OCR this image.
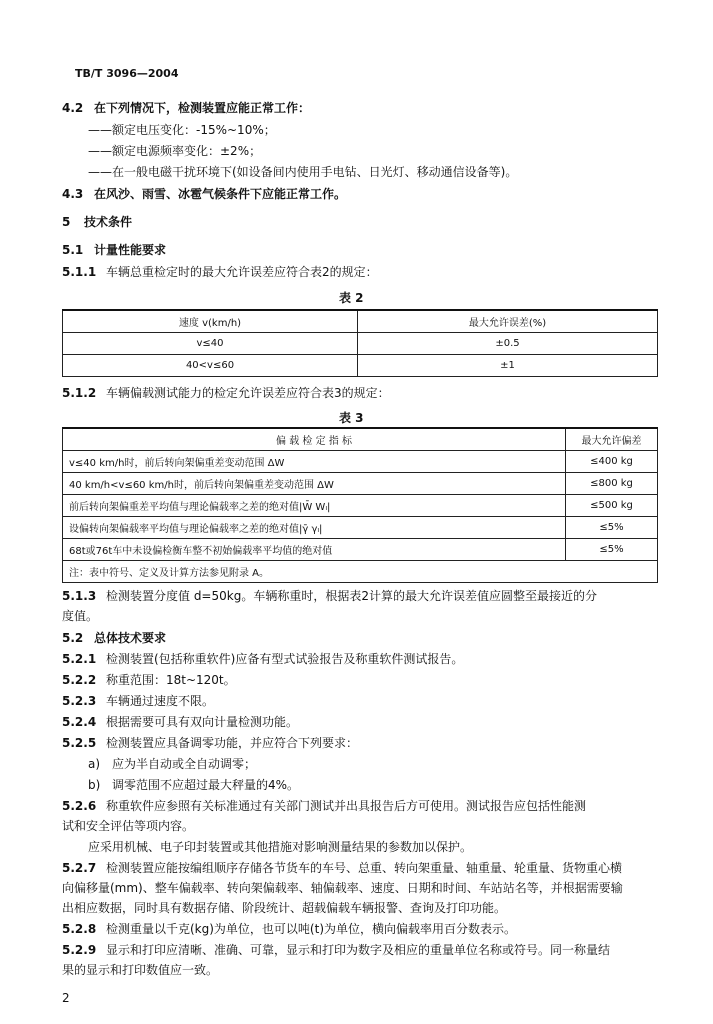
TB/T 3096—2004
4.2 在下列情况下，检测装置应能正常工作：
——额定电压变化：-15%~10%；
——额定电源频率变化：±2%；
——在一般电磁干扰环境下(如设备间内使用手电钻、日光灯、移动通信设备等)。
4.3 在风沙、雨雪、冰雹气候条件下应能正常工作。
5 技术条件
5.1 计量性能要求
5.1.1 车辆总重检定时的最大允许误差应符合表2的规定：
表 2
速度 v(km/h)	最大允许误差(%)
v≤40	±0.5
40<v≤60	±1
5.1.2 车辆偏载测试能力的检定允许误差应符合表3的规定：
表 3
偏 载 检 定 指 标	最大允许偏差
v≤40 km/h时，前后转向架偏重差变动范围 ΔW	≤400 kg
40 km/h<v≤60 km/h时，前后转向架偏重差变动范围 ΔW	≤800 kg
前后转向架偏重差平均值与理论偏载率之差的绝对值|W̄ Wₗ|	≤500 kg
设偏转向架偏载率平均值与理论偏载率之差的绝对值|γ̄ γₗ|	≤5%
68t或76t车中未设偏检衡车整不初始偏载率平均值的绝对值	≤5%
注：表中符号、定义及计算方法参见附录 A。	
5.1.3 检测装置分度值 d=50kg。车辆称重时，根据表2计算的最大允许误差值应圆整至最接近的分
度值。
5.2 总体技术要求
5.2.1 检测装置(包括称重软件)应备有型式试验报告及称重软件测试报告。
5.2.2 称重范围：18t~120t。
5.2.3 车辆通过速度不限。
5.2.4 根据需要可具有双向计量检测功能。
5.2.5 检测装置应具备调零功能，并应符合下列要求：
a) 应为半自动或全自动调零；
b) 调零范围不应超过最大秤量的4%。
5.2.6 称重软件应参照有关标准通过有关部门测试并出具报告后方可使用。测试报告应包括性能测
试和安全评估等项内容。
应采用机械、电子印封装置或其他措施对影响测量结果的参数加以保护。
5.2.7 检测装置应能按编组顺序存储各节货车的车号、总重、转向架重量、轴重量、轮重量、货物重心横
向偏移量(mm)、整车偏载率、转向架偏载率、轴偏载率、速度、日期和时间、车站站名等，并根据需要输
出相应数据，同时具有数据存储、阶段统计、超载偏载车辆报警、查询及打印功能。
5.2.8 检测重量以千克(kg)为单位，也可以吨(t)为单位，横向偏载率用百分数表示。
5.2.9 显示和打印应清晰、准确、可靠，显示和打印为数字及相应的重量单位名称或符号。同一称量结
果的显示和打印数值应一致。
2
